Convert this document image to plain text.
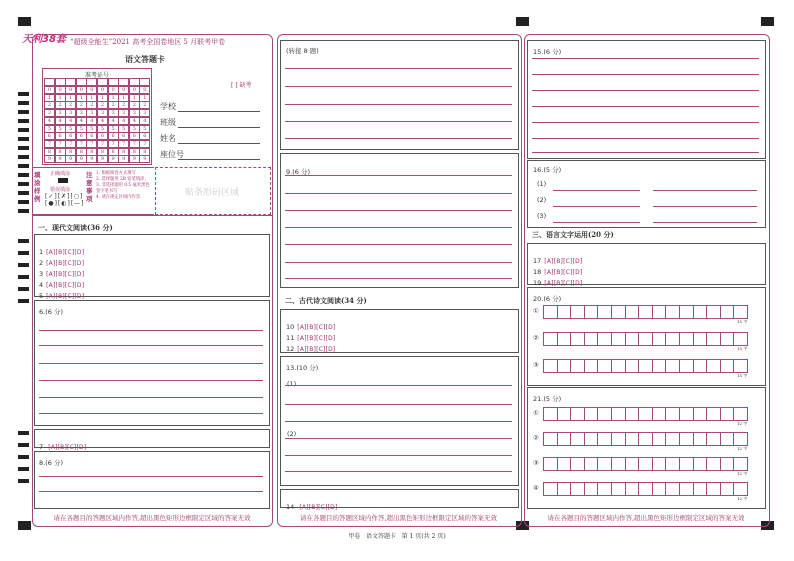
天利38套 “超级全能生”2021 高考全国卷地区 5 月联考甲卷
语文答题卡
准考证号
0
1
2
3
4
5
6
7
8
9
0
1
2
3
4
5
6
7
8
9
0
1
2
3
4
5
6
7
8
9
0
1
2
3
4
5
6
7
8
9
0
1
2
3
4
5
6
7
8
9
0
1
2
3
4
5
6
7
8
9
0
1
2
3
4
5
6
7
8
9
0
1
2
3
4
5
6
7
8
9
0
1
2
3
4
5
6
7
8
9
0
1
2
3
4
5
6
7
8
9
[ ] 缺考
学校
班级
姓名
座位号
填涂样例
正确填涂
错误填涂
[✓][✗][○]
[●][◐][—]
注意事项
1. 根据阅卷方式填写
2. 选择题用 2B 铅笔填涂,
3. 非选择题用 0.5 毫米黑色
签字笔书写
4. 请在规定区域内作答	贴条形码区域
一、现代文阅读(36 分)
1 [A][B][C][D]
2 [A][B][C][D]
3 [A][B][C][D]
4 [A][B][C][D]
5 [A][B][C][D]
6.(6 分)
7 [A][B][C][D]
8.(6 分)
请在各题目的答题区域内作答,超出黑色矩形边框限定区域的答案无效
(转接 8 题)
9.(6 分)
二、古代诗文阅读(34 分)
10 [A][B][C][D]
11 [A][B][C][D]
12 [A][B][C][D]
13.(10 分)
(1)
(2)
14 [A][B][C][D]
请在各题目的答题区域内作答,超出黑色矩形边框限定区域的答案无效
15.(6 分)
16.(5 分)
(1)
(2)
(3)
三、语言文字运用(20 分)
17 [A][B][C][D]
18 [A][B][C][D]
19 [A][B][C][D]
20.(6 分)
①
15 字
②
15 字
③
15 字
21.(5 分)
①
12 字
②
12 字
③
12 字
④
12 字
请在各题目的答题区域内作答,超出黑色矩形边框限定区域的答案无效
甲卷   语文答题卡   第 1 页(共 2 页)
